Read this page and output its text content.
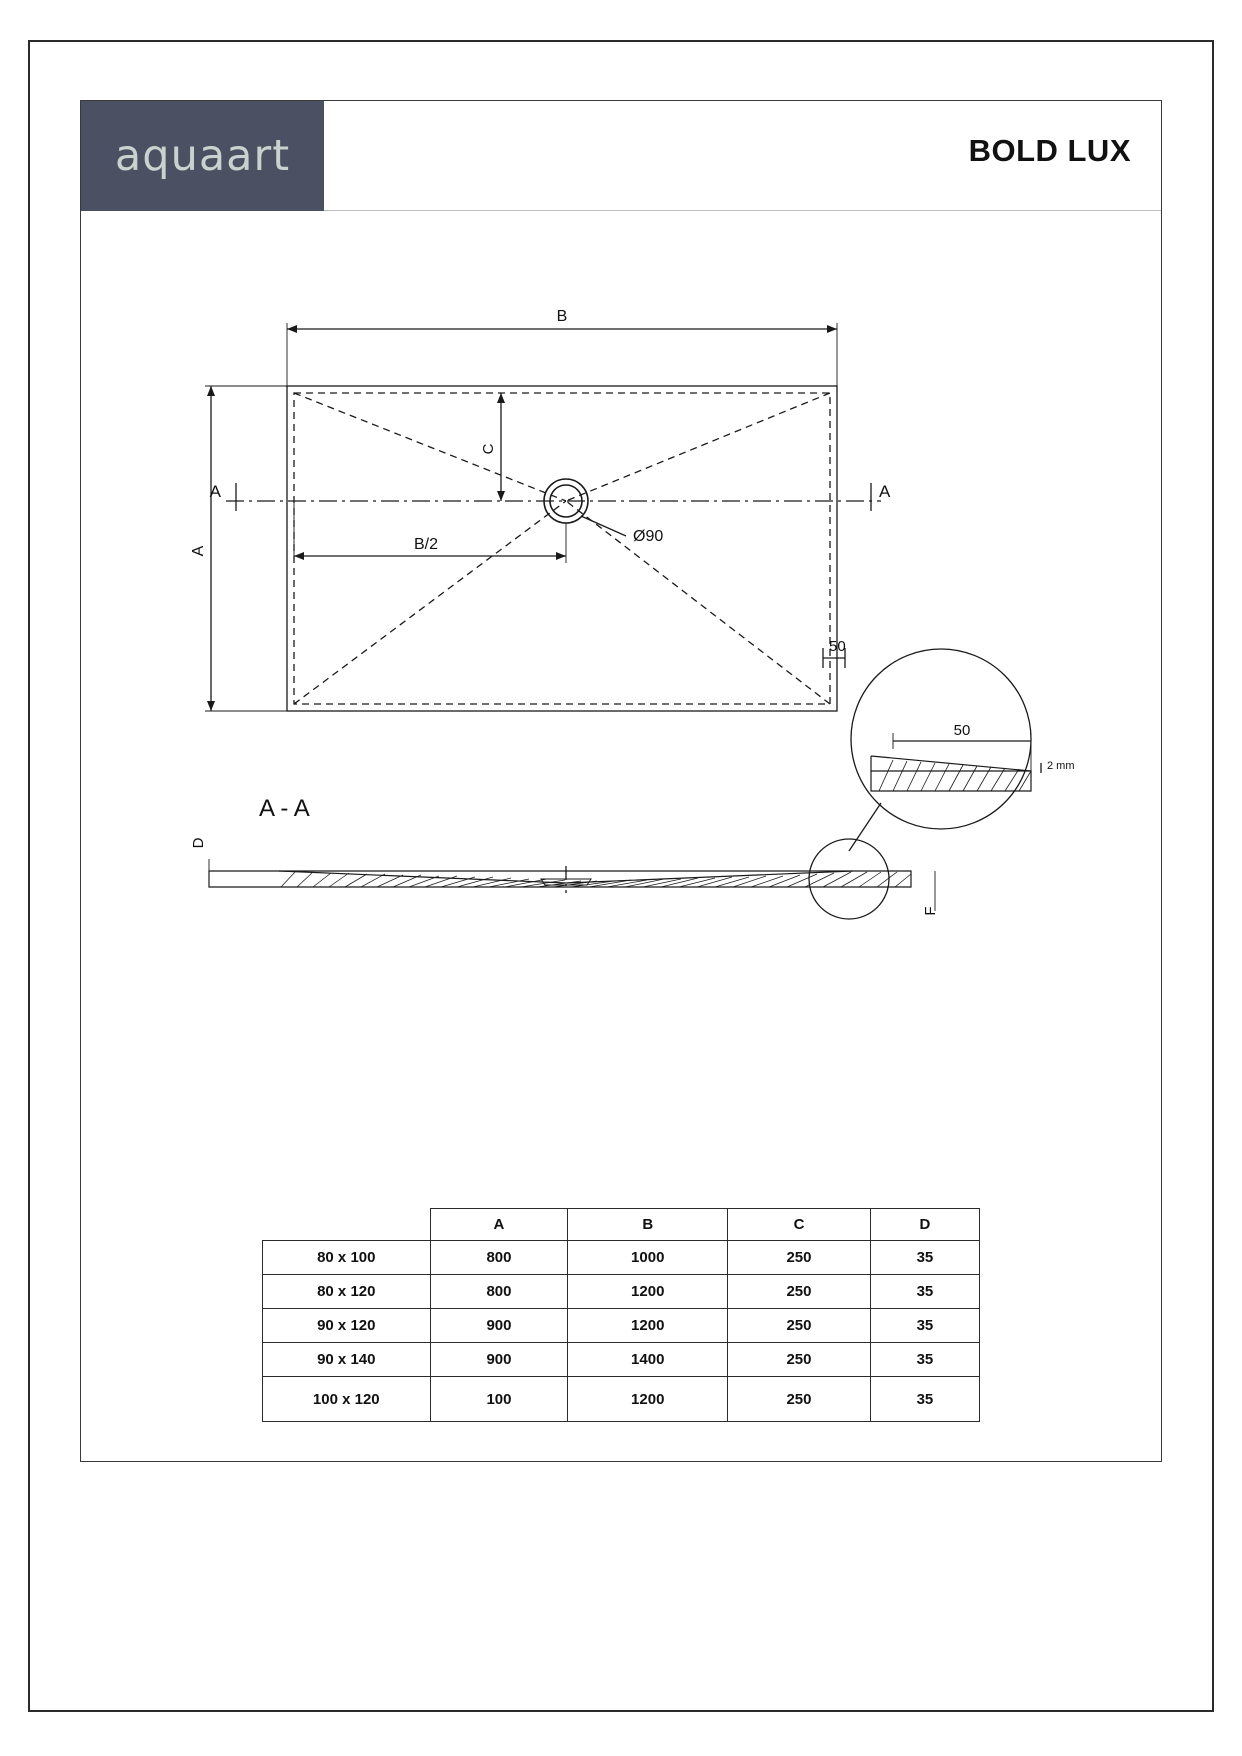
aquaart	BOLD LUX
Ø90
B
A
C
B/2
A	A
50
50
2 mm
A - A
D
F
	A	B	C	D
80 x 100	800	1000	250	35
80 x 120	800	1200	250	35
90 x 120	900	1200	250	35
90 x 140	900	1400	250	35
100 x 120	100	1200	250	35
